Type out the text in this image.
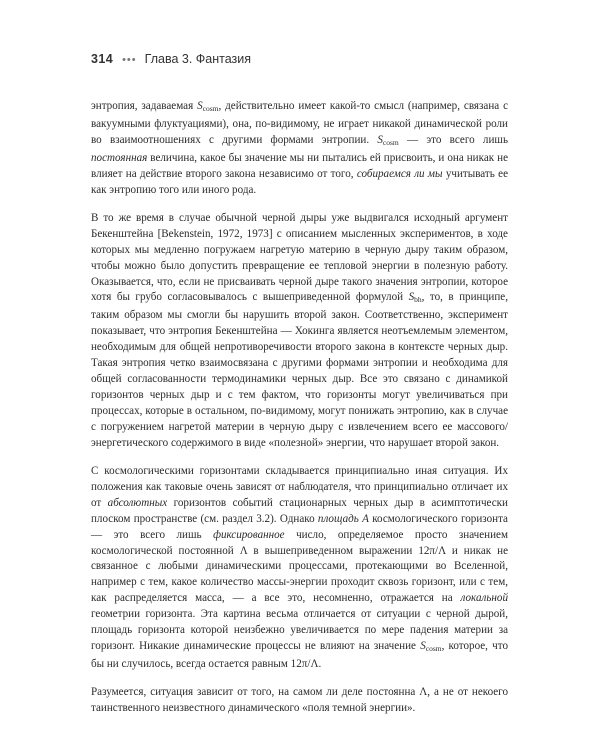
314 ••• Глава 3. Фантазия

энтропия, задаваемая $S_{cosm}$, действительно имеет какой-то смысл (например, связана с вакуумными флуктуациями), она, по-видимому, не играет никакой динамической роли во взаимоотношениях с другими формами энтропии. $S_{cosm}$ — это всего лишь постоянная величина, какое бы значение мы ни пытались ей присвоить, и она никак не влияет на действие второго закона независимо от того, собираемся ли мы учитывать ее как энтропию того или иного рода.

В то же время в случае обычной черной дыры уже выдвигался исходный аргумент Бекенштейна [Bekenstein, 1972, 1973] с описанием мысленных экспериментов, в ходе которых мы медленно погружаем нагретую материю в черную дыру таким образом, чтобы можно было допустить превращение ее тепловой энергии в полезную работу. Оказывается, что, если не присваивать черной дыре такого значения энтропии, которое хотя бы грубо согласовывалось с вышеприведенной формулой $S_{bh}$, то, в принципе, таким образом мы смогли бы нарушить второй закон. Соответственно, эксперимент показывает, что энтропия Бекенштейна — Хокинга является неотъемлемым элементом, необходимым для общей непротиворечивости второго закона в контексте черных дыр. Такая энтропия четко взаимосвязана с другими формами энтропии и необходима для общей согласованности термодинамики черных дыр. Все это связано с динамикой горизонтов черных дыр и с тем фактом, что горизонты могут увеличиваться при процессах, которые в остальном, по-видимому, могут понижать энтропию, как в случае с погружением нагретой материи в черную дыру с извлечением всего ее массового/энергетического содержимого в виде «полезной» энергии, что нарушает второй закон.

С космологическими горизонтами складывается принципиально иная ситуация. Их положения как таковые очень зависят от наблюдателя, что принципиально отличает их от абсолютных горизонтов событий стационарных черных дыр в асимптотически плоском пространстве (см. раздел 3.2). Однако площадь A космологического горизонта — это всего лишь фиксированное число, определяемое просто значением космологической постоянной Λ в вышеприведенном выражении 12π/Λ и никак не связанное с любыми динамическими процессами, протекающими во Вселенной, например с тем, какое количество массы-энергии проходит сквозь горизонт, или с тем, как распределяется масса, — а все это, несомненно, отражается на локальной геометрии горизонта. Эта картина весьма отличается от ситуации с черной дырой, площадь горизонта которой неизбежно увеличивается по мере падения материи за горизонт. Никакие динамические процессы не влияют на значение $S_{cosm}$, которое, что бы ни случилось, всегда остается равным 12π/Λ.

Разумеется, ситуация зависит от того, на самом ли деле постоянна Λ, а не от некоего таинственного неизвестного динамического «поля темной энергии».
